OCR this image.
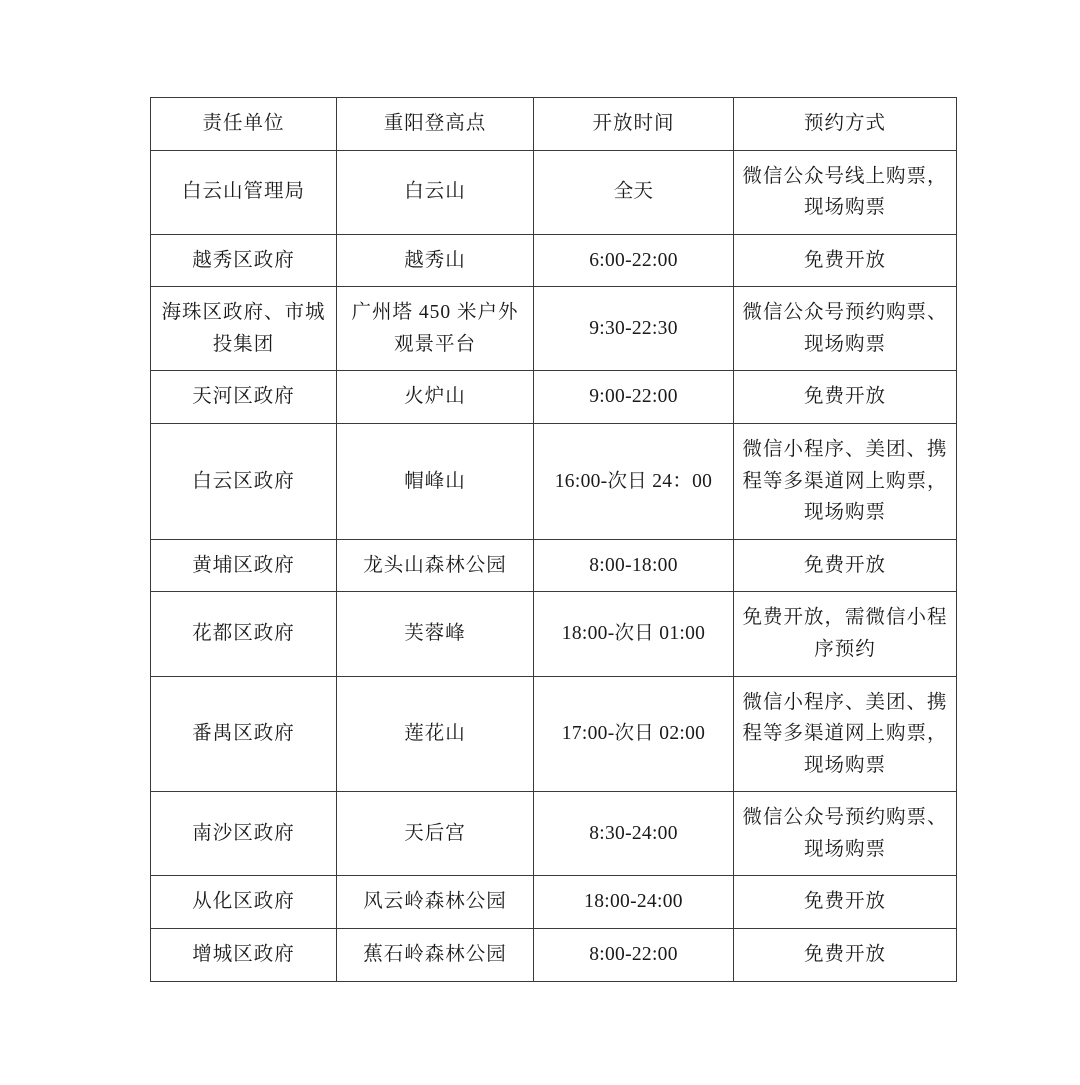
责任单位	重阳登高点	开放时间	预约方式
白云山管理局	白云山	全天	微信公众号线上购票，现场购票
越秀区政府	越秀山	6:00-22:00	免费开放
海珠区政府、市城投集团	广州塔 450 米户外观景平台	9:30-22:30	微信公众号预约购票、现场购票
天河区政府	火炉山	9:00-22:00	免费开放
白云区政府	帽峰山	16:00-次日 24：00	微信小程序、美团、携程等多渠道网上购票，现场购票
黄埔区政府	龙头山森林公园	8:00-18:00	免费开放
花都区政府	芙蓉峰	18:00-次日 01:00	免费开放，需微信小程序预约
番禺区政府	莲花山	17:00-次日 02:00	微信小程序、美团、携程等多渠道网上购票，现场购票
南沙区政府	天后宫	8:30-24:00	微信公众号预约购票、现场购票
从化区政府	风云岭森林公园	18:00-24:00	免费开放
增城区政府	蕉石岭森林公园	8:00-22:00	免费开放
